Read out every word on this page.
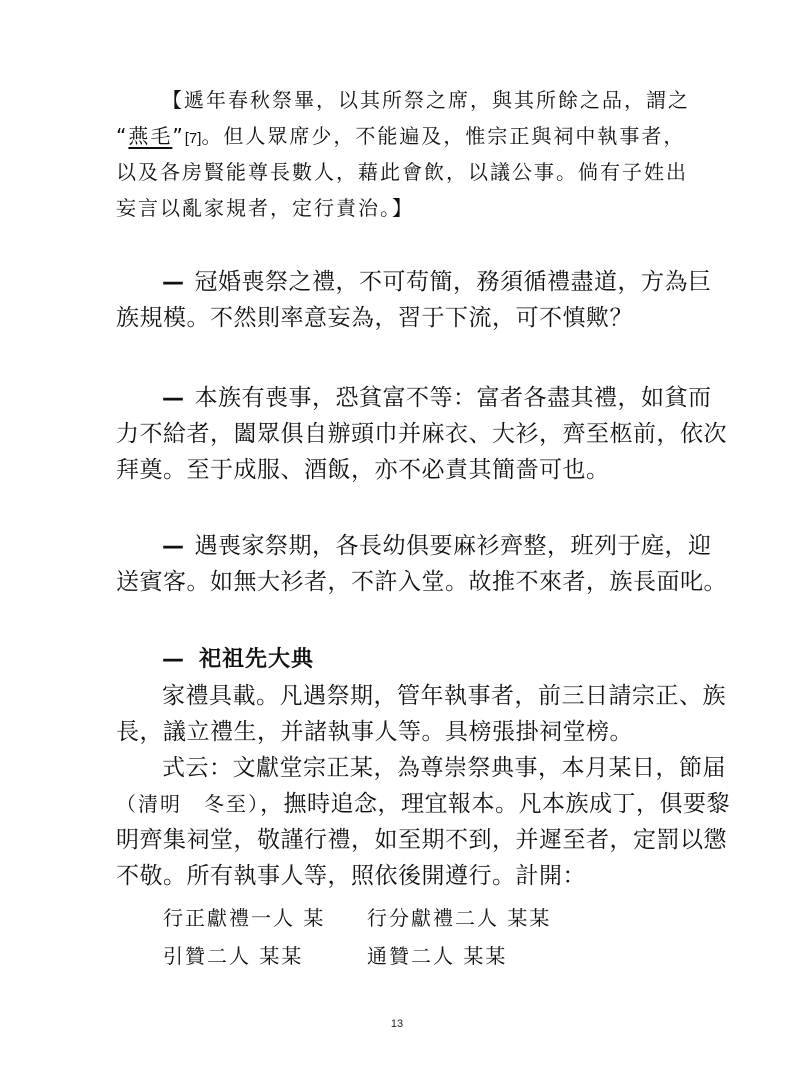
【遞年春秋祭畢，以其所祭之席，與其所餘之品，謂之
“燕毛”[7]。但人眾席少，不能遍及，惟宗正與祠中執事者，
以及各房賢能尊長數人，藉此會飲，以議公事。倘有子姓出
妄言以亂家規者，定行責治。】
— 冠婚喪祭之禮，不可苟簡，務須循禮盡道，方為巨
族規模。不然則率意妄為，習于下流，可不慎歟？
— 本族有喪事，恐貧富不等：富者各盡其禮，如貧而
力不給者，闔眾俱自辦頭巾并麻衣、大衫，齊至柩前，依次
拜奠。至于成服、酒飯，亦不必責其簡嗇可也。
— 遇喪家祭期，各長幼俱要麻衫齊整，班列于庭，迎
送賓客。如無大衫者，不許入堂。故推不來者，族長面叱。
— 祀祖先大典
家禮具載。凡遇祭期，管年執事者，前三日請宗正、族
長，議立禮生，并諸執事人等。具榜張掛祠堂榜。
式云：文獻堂宗正某，為尊崇祭典事，本月某日，節届
（清明　冬至），撫時追念，理宜報本。凡本族成丁，俱要黎
明齊集祠堂，敬謹行禮，如至期不到，并遲至者，定罰以懲
不敬。所有執事人等，照依後開遵行。計開：
行正獻禮一人 某 行分獻禮二人 某某
引贊二人 某某	通贊二人 某某
13
